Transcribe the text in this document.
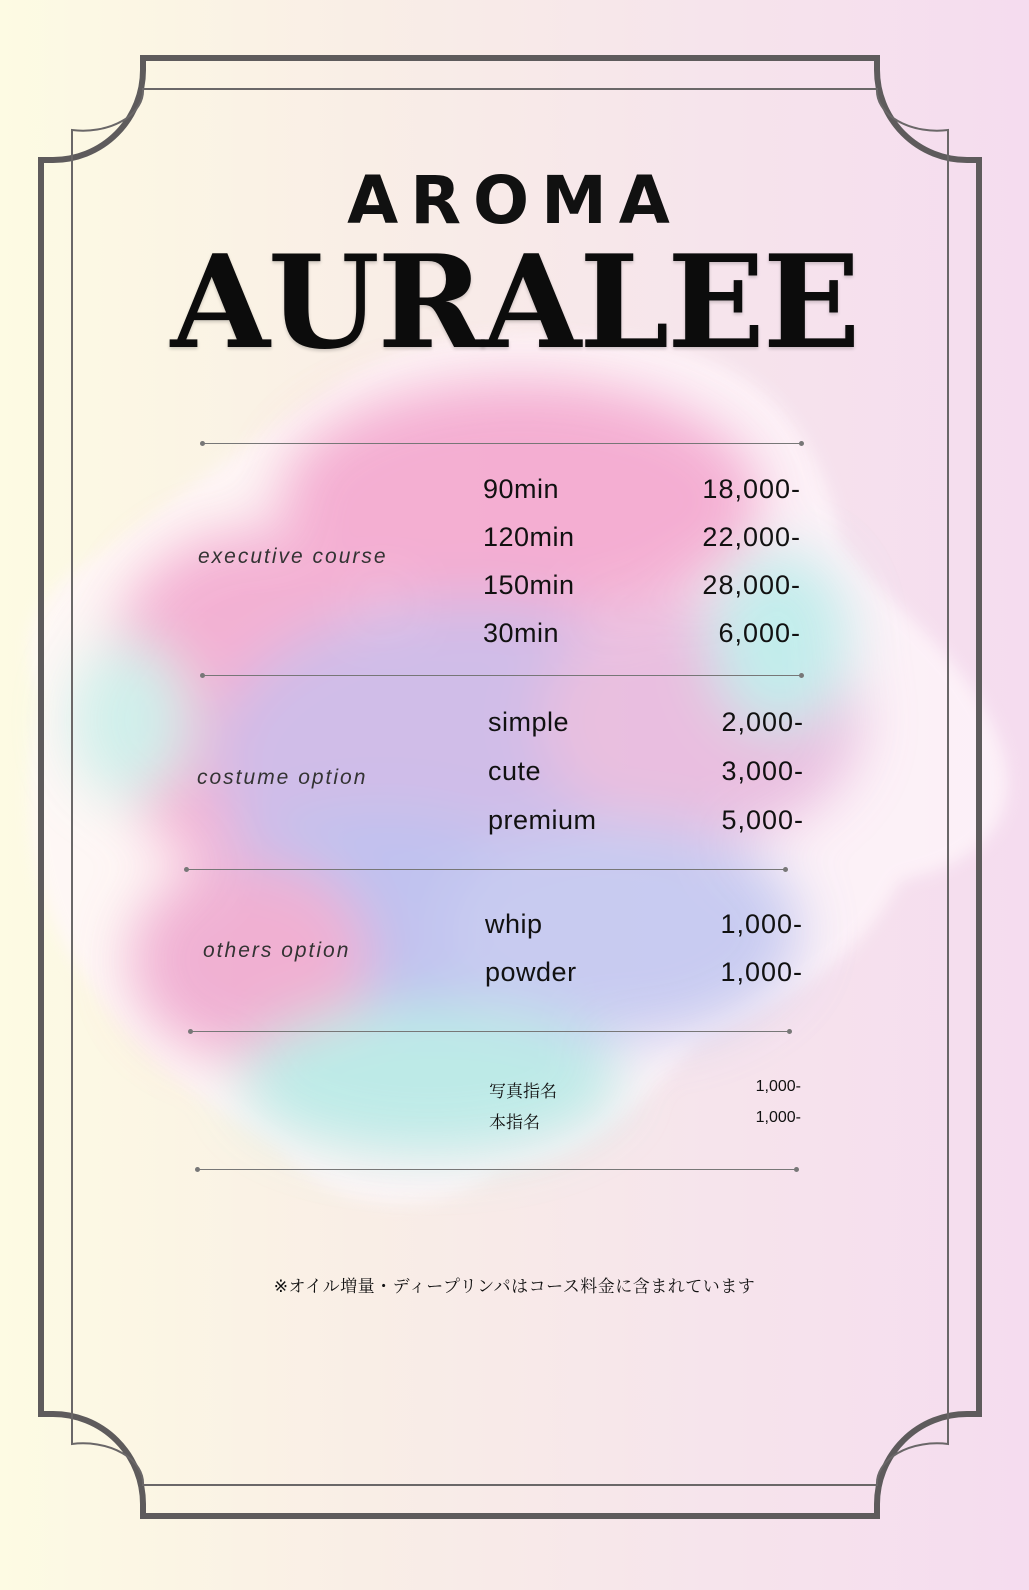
AROMA
AURALEE
executive course
90min	18,000-
120min	22,000-
150min	28,000-
30min	6,000-
costume option
simple	2,000-
cute	3,000-
premium	5,000-
others option
whip	1,000-
powder	1,000-
写真指名	1,000-
本指名	1,000-
※オイル増量・ディープリンパはコース料金に含まれています
